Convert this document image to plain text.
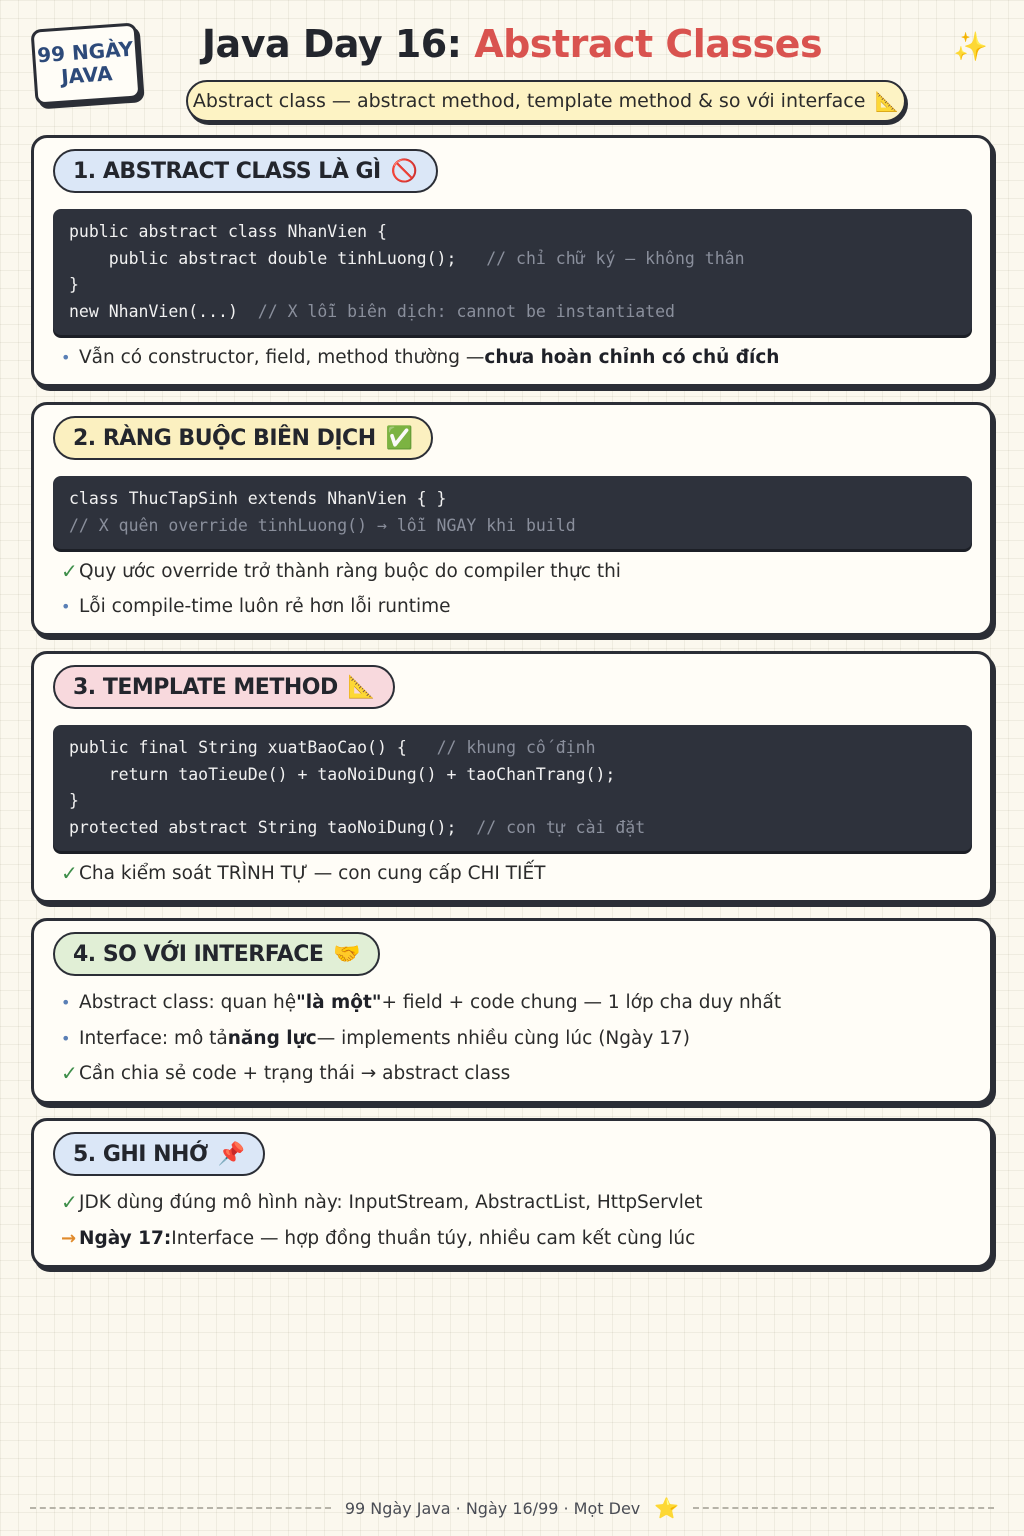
99 NGÀY
JAVA
✨
Java Day 16: Abstract Classes
Abstract class — abstract method, template method & so với interface 📐
1. ABSTRACT CLASS LÀ GÌ 🚫
public abstract class NhanVien {
public abstract double tinhLuong(); // chỉ chữ ký – không thân
}
new NhanVien(...) // X lỗi biên dịch: cannot be instantiated
• Vẫn có constructor, field, method thường — chưa hoàn chỉnh có chủ đích
2. RÀNG BUỘC BIÊN DỊCH ✅
class ThucTapSinh extends NhanVien { }
// X quên override tinhLuong() → lỗi NGAY khi build
✓ Quy ước override trở thành ràng buộc do compiler thực thi
• Lỗi compile-time luôn rẻ hơn lỗi runtime
3. TEMPLATE METHOD 📐
public final String xuatBaoCao() { // khung cố định
return taoTieuDe() + taoNoiDung() + taoChanTrang();
}
protected abstract String taoNoiDung(); // con tự cài đặt
✓ Cha kiểm soát TRÌNH TỰ — con cung cấp CHI TIẾT
4. SO VỚI INTERFACE 🤝
• Abstract class: quan hệ "là một" + field + code chung — 1 lớp cha duy nhất
• Interface: mô tả năng lực — implements nhiều cùng lúc (Ngày 17)
✓ Cần chia sẻ code + trạng thái → abstract class
5. GHI NHỚ 📌
✓ JDK dùng đúng mô hình này: InputStream, AbstractList, HttpServlet
→ Ngày 17: Interface — hợp đồng thuần túy, nhiều cam kết cùng lúc
99 Ngày Java · Ngày 16/99 · Mọt Dev ⭐
